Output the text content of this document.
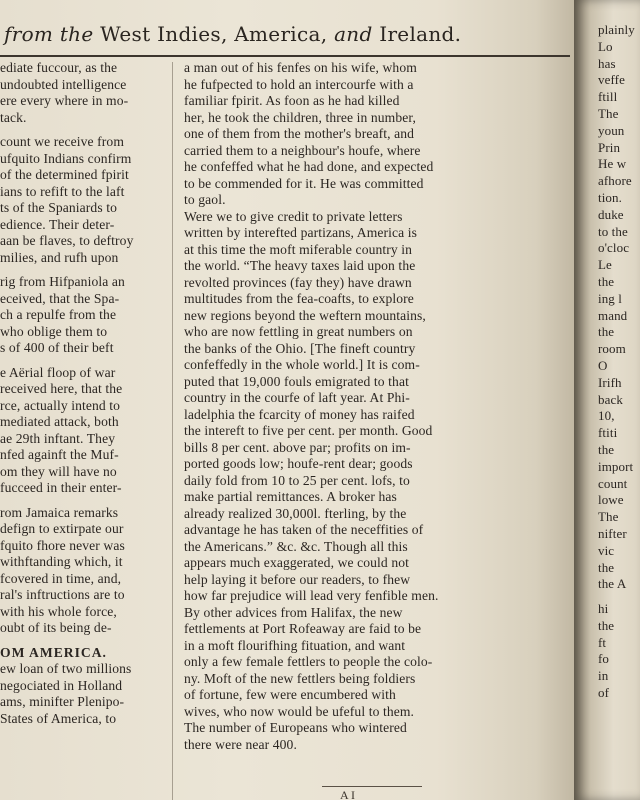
from the West Indies, America, and Ireland.
ediate fuccour, as the
undoubted intelligence
ere every where in mo-
tack.
count we receive from
ufquito Indians confirm
of the determined fpirit
ians to refift to the laft
ts of the Spaniards to
edience. Their deter-
aan be flaves, to deftroy
milies, and rufh upon
rig from Hifpaniola an
eceived, that the Spa-
ch a repulfe from the
who oblige them to
s of 400 of their beft
e Aërial floop of war
received here, that the
rce, actually intend to
mediated attack, both
ae 29th inftant. They
nfed againft the Muf-
om they will have no
fucceed in their enter-
rom Jamaica remarks
defign to extirpate our
fquito fhore never was
withftanding which, it
fcovered in time, and,
ral's inftructions are to
with his whole force,
oubt of its being de-
OM AMERICA.
ew loan of two millions
negociated in Holland
ams, minifter Plenipo-
States of America, to
a man out of his fenfes on his wife, whom
he fufpected to hold an intercourfe with a
familiar fpirit. As foon as he had killed
her, he took the children, three in number,
one of them from the mother's breaft, and
carried them to a neighbour's houfe, where
he confeffed what he had done, and expected
to be commended for it. He was committed
to gaol.
Were we to give credit to private letters
written by interefted partizans, America is
at this time the moft miferable country in
the world. “The heavy taxes laid upon the
revolted provinces (fay they) have drawn
multitudes from the fea-coafts, to explore
new regions beyond the weftern mountains,
who are now fettling in great numbers on
the banks of the Ohio. [The fineft country
confeffedly in the whole world.] It is com-
puted that 19,000 fouls emigrated to that
country in the courfe of laft year. At Phi-
ladelphia the fcarcity of money has raifed
the intereft to five per cent. per month. Good
bills 8 per cent. above par; profits on im-
ported goods low; houfe-rent dear; goods
daily fold from 10 to 25 per cent. lofs, to
make partial remittances. A broker has
already realized 30,000l. fterling, by the
advantage he has taken of the neceffities of
the Americans.” &c. &c. Though all this
appears much exaggerated, we could not
help laying it before our readers, to fhew
how far prejudice will lead very fenfible men.
By other advices from Halifax, the new
fettlements at Port Rofeaway are faid to be
in a moft flourifhing fituation, and want
only a few female fettlers to people the colo-
ny. Moft of the new fettlers being foldiers
of fortune, few were encumbered with
wives, who now would be ufeful to them.
The number of Europeans who wintered
there were near 400.
A I
plainly
Lo
has
veffe
ftill
The
youn
Prin
He w
afhore
tion.
duke
to the
o'cloc
Le
the
ing l
mand
the
room
O
Irifh
back
10,
ftiti
the
import
count
lowe
The
nifter
vic
the
the A
hi
the
ft
fo
in
of
